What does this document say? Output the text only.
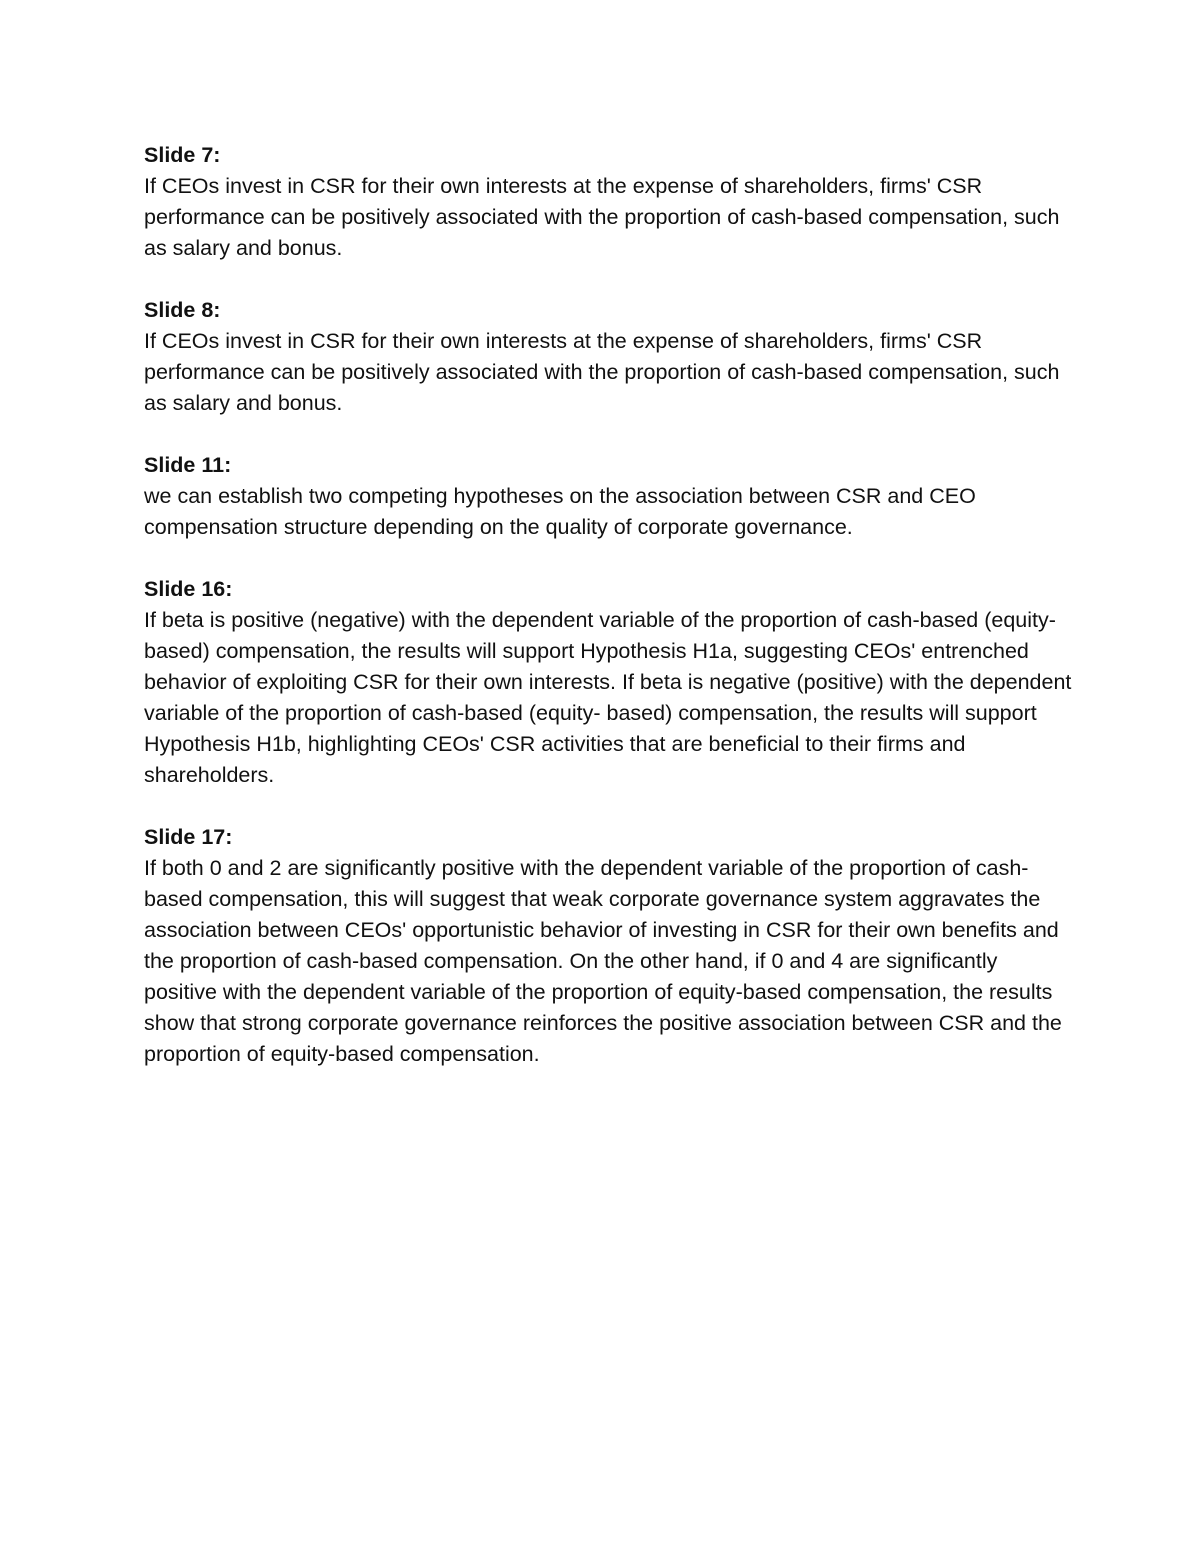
Slide 7:

If CEOs invest in CSR for their own interests at the expense of shareholders, firms' CSR performance can be positively associated with the proportion of cash-based compensation, such as salary and bonus.

Slide 8:

If CEOs invest in CSR for their own interests at the expense of shareholders, firms' CSR performance can be positively associated with the proportion of cash-based compensation, such as salary and bonus.

Slide 11:

we can establish two competing hypotheses on the association between CSR and CEO compensation structure depending on the quality of corporate governance.

Slide 16:

If beta is positive (negative) with the dependent variable of the proportion of cash-based (equity-based) compensation, the results will support Hypothesis H1a, suggesting CEOs' entrenched behavior of exploiting CSR for their own interests. If beta is negative (positive) with the dependent variable of the proportion of cash-based (equity- based) compensation, the results will support Hypothesis H1b, highlighting CEOs' CSR activities that are beneficial to their firms and shareholders.

Slide 17:

If both 0 and 2 are significantly positive with the dependent variable of the proportion of cash-based compensation, this will suggest that weak corporate governance system aggravates the association between CEOs' opportunistic behavior of investing in CSR for their own benefits and the proportion of cash-based compensation. On the other hand, if 0 and 4 are significantly positive with the dependent variable of the proportion of equity-based compensation, the results show that strong corporate governance reinforces the positive association between CSR and the proportion of equity-based compensation.
